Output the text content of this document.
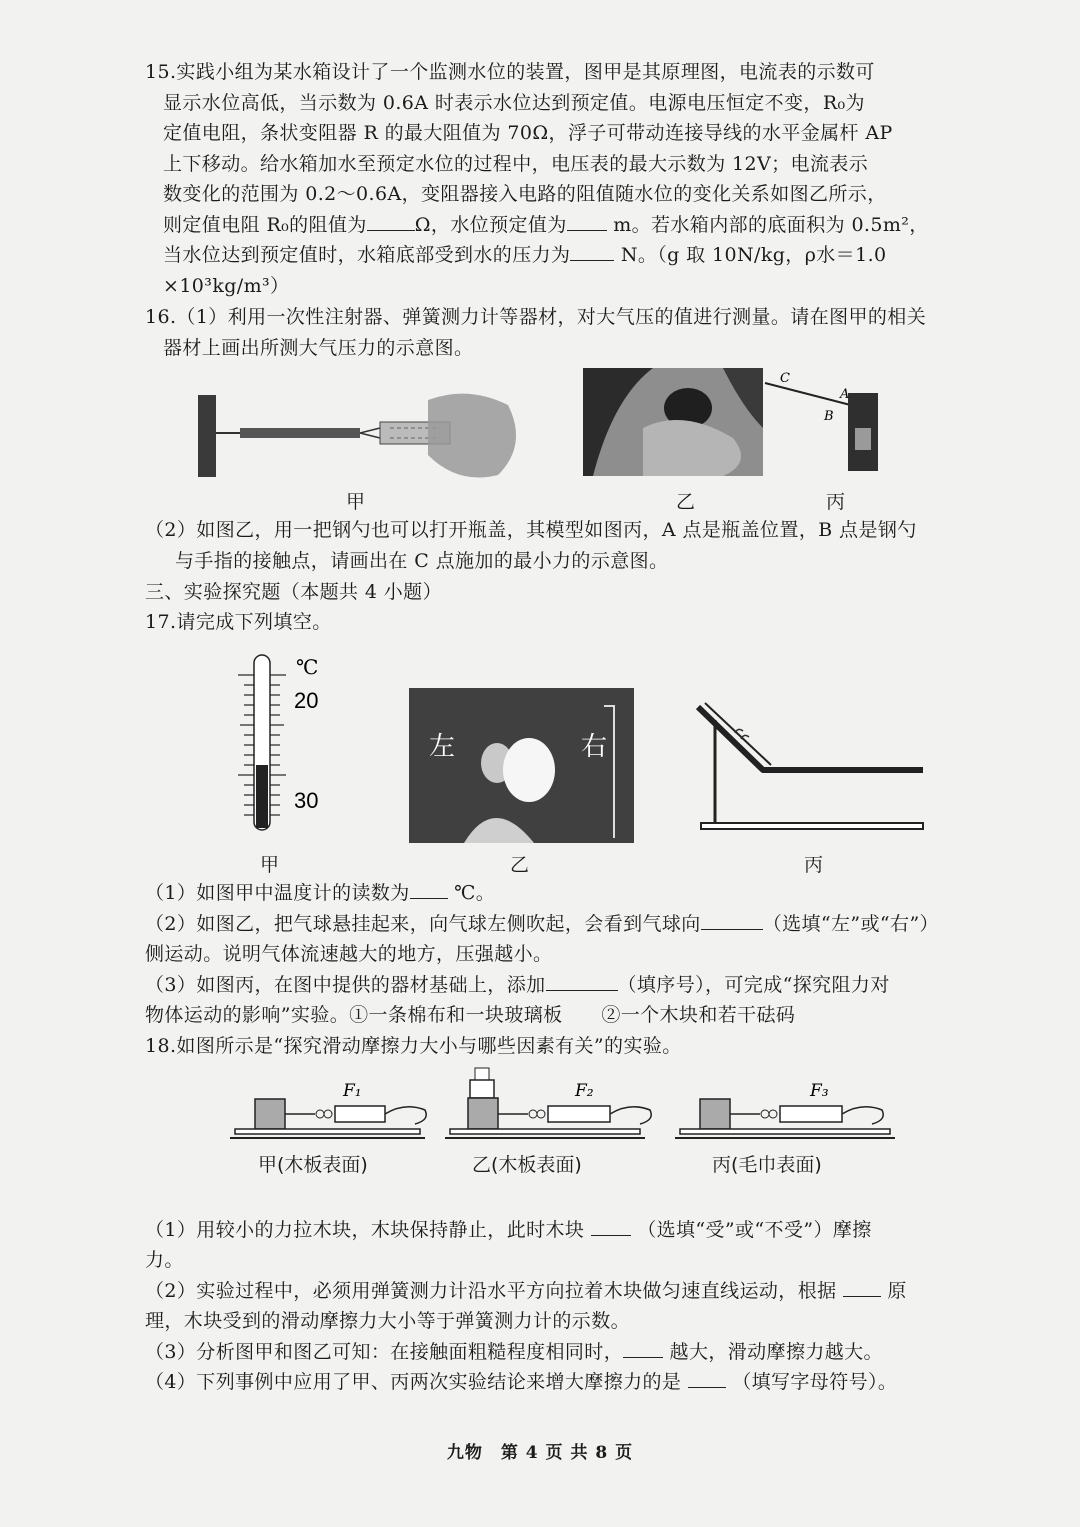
15.实践小组为某水箱设计了一个监测水位的装置，图甲是其原理图，电流表的示数可
显示水位高低，当示数为 0.6A 时表示水位达到预定值。电源电压恒定不变，R₀为
定值电阻，条状变阻器 R 的最大阻值为 70Ω，浮子可带动连接导线的水平金属杆 AP
上下移动。给水箱加水至预定水位的过程中，电压表的最大示数为 12V；电流表示
数变化的范围为 0.2～0.6A，变阻器接入电路的阻值随水位的变化关系如图乙所示，
则定值电阻 R₀的阻值为	Ω，水位预定值为 m。若水箱内部的底面积为 0.5m²，
当水位达到预定值时，水箱底部受到水的压力为	N。（g 取 10N/kg，ρ水＝1.0
×10³kg/m³）
16.（1）利用一次性注射器、弹簧测力计等器材，对大气压的值进行测量。请在图甲的相关
器材上画出所测大气压力的示意图。
C
A
B
甲	乙	丙
（2）如图乙，用一把钢勺也可以打开瓶盖，其模型如图丙，A 点是瓶盖位置，B 点是钢勺
与手指的接触点，请画出在 C 点施加的最小力的示意图。
三、实验探究题（本题共 4 小题）
17.请完成下列填空。
℃
20
30
左	右
甲	乙	丙
（1）如图甲中温度计的读数为 ℃。
（2）如图乙，把气球悬挂起来，向气球左侧吹起，会看到气球向	（选填“左”或“右”）
侧运动。说明气体流速越大的地方，压强越小。
（3）如图丙，在图中提供的器材基础上，添加	（填序号），可完成“探究阻力对
物体运动的影响”实验。①一条棉布和一块玻璃板　　②一个木块和若干砝码
18.如图所示是“探究滑动摩擦力大小与哪些因素有关”的实验。
F₁	F₂	F₃
甲(木板表面)	乙(木板表面)	丙(毛巾表面)
（1）用较小的力拉木块，木块保持静止，此时木块	（选填“受”或“不受”）摩擦
力。
（2）实验过程中，必须用弹簧测力计沿水平方向拉着木块做匀速直线运动，根据	原
理，木块受到的滑动摩擦力大小等于弹簧测力计的示数。
（3）分析图甲和图乙可知：在接触面粗糙程度相同时， 越大，滑动摩擦力越大。
（4）下列事例中应用了甲、丙两次实验结论来增大摩擦力的是	（填写字母符号）。
九物　第 4 页 共 8 页
